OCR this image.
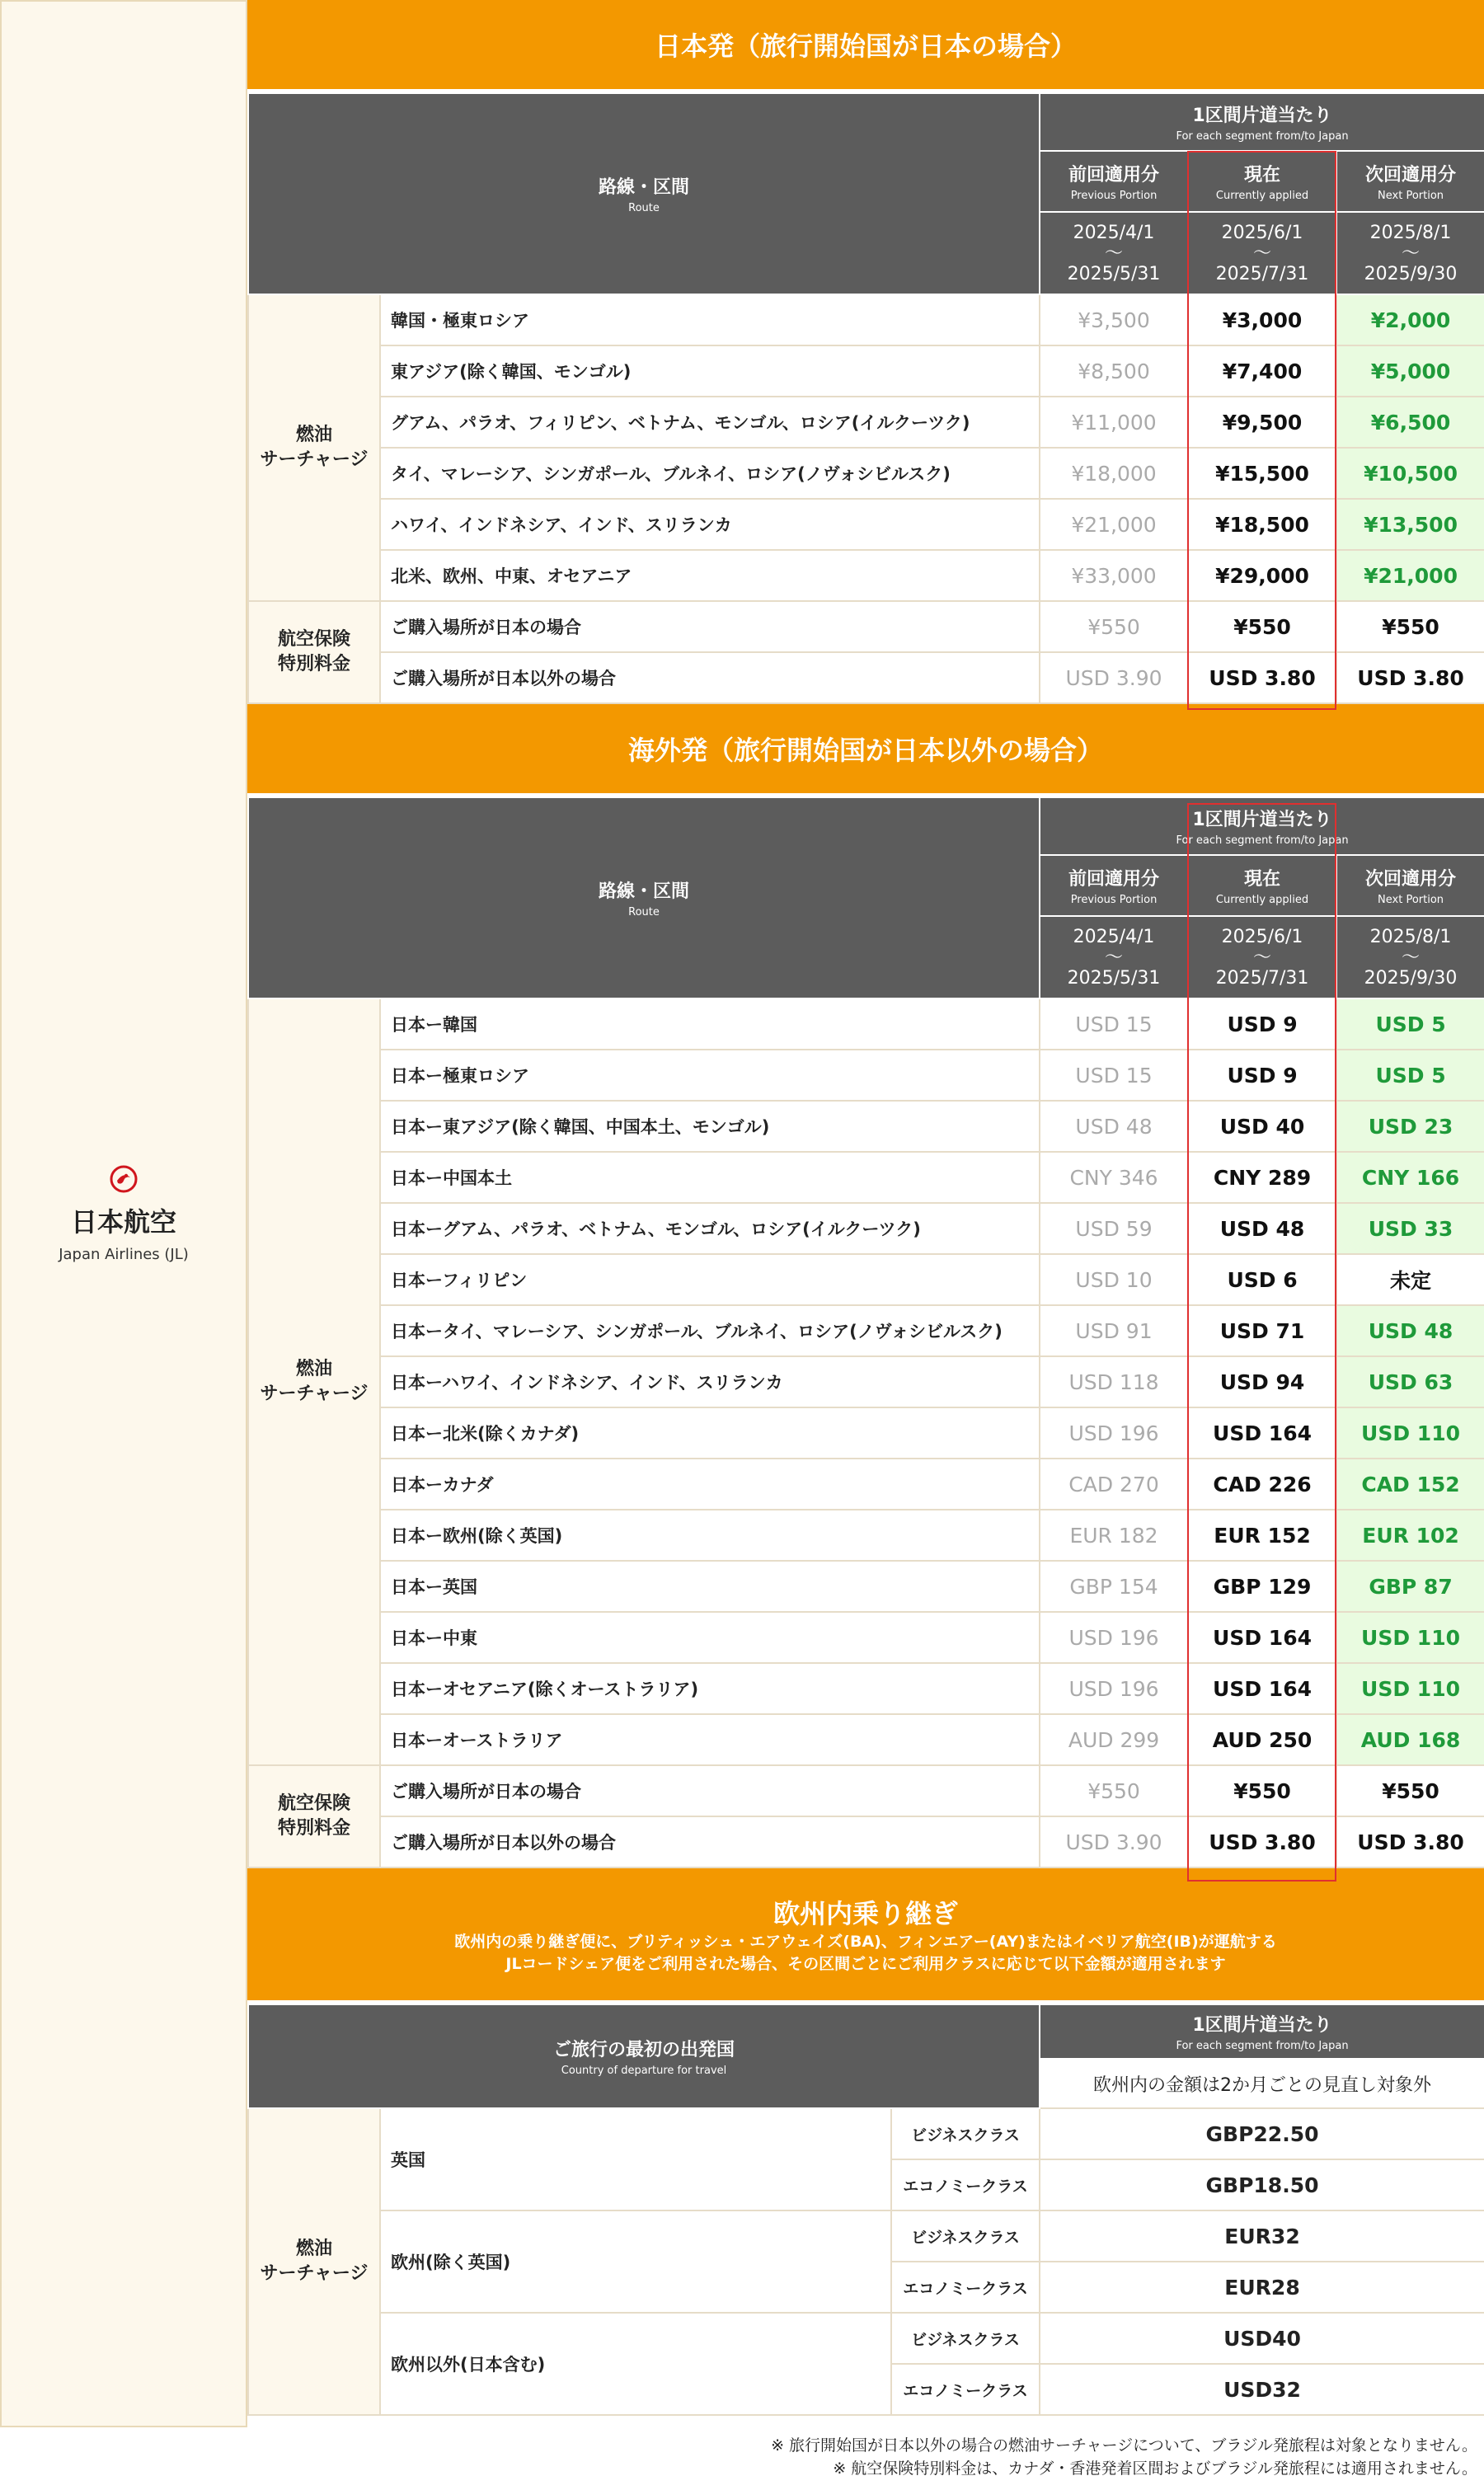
日本航空
Japan Airlines (JL)
日本発（旅行開始国が日本の場合）
路線・区間
Route		1区間片道当たり
For each segment from/to Japan		

		前回適用分
Previous Portion	現在
Currently applied	次回適用分
Next Portion

		2025/4/1
〜
2025/5/31	2025/6/1
〜
2025/7/31	2025/8/1
〜
2025/9/30

燃油
サーチャージ	韓国・極東ロシア	¥3,500	¥3,000	¥2,000
	東アジア(除く韓国、モンゴル)	¥8,500	¥7,400	¥5,000
	グアム、パラオ、フィリピン、ベトナム、モンゴル、ロシア(イルクーツク)	¥11,000	¥9,500	¥6,500
	タイ、マレーシア、シンガポール、ブルネイ、ロシア(ノヴォシビルスク)	¥18,000	¥15,500	¥10,500
	ハワイ、インドネシア、インド、スリランカ	¥21,000	¥18,500	¥13,500
	北米、欧州、中東、オセアニア	¥33,000	¥29,000	¥21,000

航空保険
特別料金	ご購入場所が日本の場合	¥550	¥550	¥550
	ご購入場所が日本以外の場合	USD 3.90	USD 3.80	USD 3.80
海外発（旅行開始国が日本以外の場合）
路線・区間
Route		1区間片道当たり
For each segment from/to Japan		

		前回適用分
Previous Portion	現在
Currently applied	次回適用分
Next Portion

		2025/4/1
〜
2025/5/31	2025/6/1
〜
2025/7/31	2025/8/1
〜
2025/9/30

燃油
サーチャージ	日本ー韓国	USD 15	USD 9	USD 5
	日本ー極東ロシア	USD 15	USD 9	USD 5
	日本ー東アジア(除く韓国、中国本土、モンゴル)	USD 48	USD 40	USD 23
	日本ー中国本土	CNY 346	CNY 289	CNY 166
	日本ーグアム、パラオ、ベトナム、モンゴル、ロシア(イルクーツク)	USD 59	USD 48	USD 33
	日本ーフィリピン	USD 10	USD 6	未定
	日本ータイ、マレーシア、シンガポール、ブルネイ、ロシア(ノヴォシビルスク)	USD 91	USD 71	USD 48
	日本ーハワイ、インドネシア、インド、スリランカ	USD 118	USD 94	USD 63
	日本ー北米(除くカナダ)	USD 196	USD 164	USD 110
	日本ーカナダ	CAD 270	CAD 226	CAD 152
	日本ー欧州(除く英国)	EUR 182	EUR 152	EUR 102
	日本ー英国	GBP 154	GBP 129	GBP 87
	日本ー中東	USD 196	USD 164	USD 110
	日本ーオセアニア(除くオーストラリア)	USD 196	USD 164	USD 110
	日本ーオーストラリア	AUD 299	AUD 250	AUD 168

航空保険
特別料金	ご購入場所が日本の場合	¥550	¥550	¥550
	ご購入場所が日本以外の場合	USD 3.90	USD 3.80	USD 3.80
欧州内乗り継ぎ
欧州内の乗り継ぎ便に、ブリティッシュ・エアウェイズ(BA)、フィンエアー(AY)またはイベリア航空(IB)が運航する
JLコードシェア便をご利用された場合、その区間ごとにご利用クラスに応じて以下金額が適用されます
ご旅行の最初の出発国
Country of departure for travel			1区間片道当たり
For each segment from/to Japan

			欧州内の金額は2か月ごとの見直し対象外

燃油
サーチャージ	英国	ビジネスクラス	GBP22.50
		エコノミークラス	GBP18.50
	欧州(除く英国)	ビジネスクラス	EUR32
		エコノミークラス	EUR28
	欧州以外(日本含む)	ビジネスクラス	USD40
		エコノミークラス	USD32
※ 旅行開始国が日本以外の場合の燃油サーチャージについて、ブラジル発旅程は対象となりません。
※ 航空保険特別料金は、カナダ・香港発着区間およびブラジル発旅程には適用されません。
